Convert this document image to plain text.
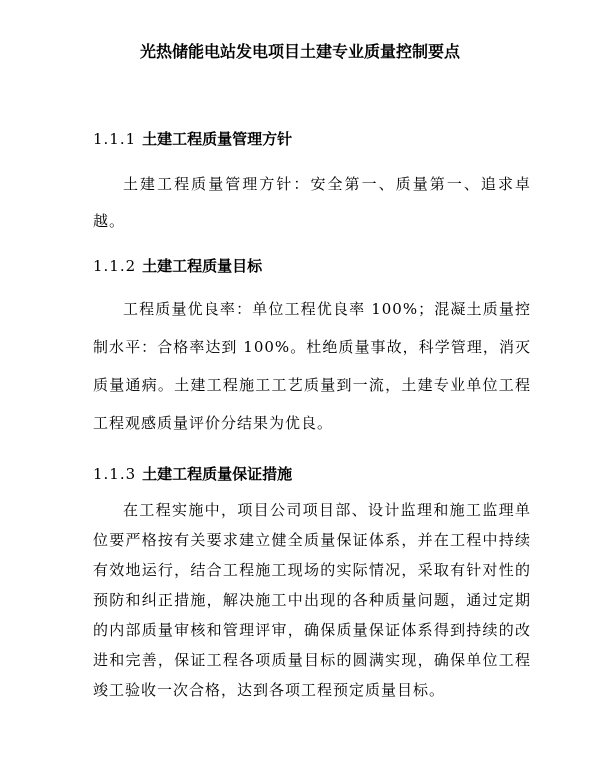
光热储能电站发电项目土建专业质量控制要点
1.1.1 土建工程质量管理方针

土建工程质量管理方针：安全第一、质量第一、追求卓越。

1.1.2 土建工程质量目标

工程质量优良率：单位工程优良率 100%；混凝土质量控制水平：合格率达到 100%。杜绝质量事故，科学管理，消灭质量通病。土建工程施工工艺质量到一流，土建专业单位工程工程观感质量评价分结果为优良。

1.1.3 土建工程质量保证措施

在工程实施中，项目公司项目部、设计监理和施工监理单位要严格按有关要求建立健全质量保证体系，并在工程中持续有效地运行，结合工程施工现场的实际情况，采取有针对性的预防和纠正措施，解决施工中出现的各种质量问题，通过定期的内部质量审核和管理评审，确保质量保证体系得到持续的改进和完善，保证工程各项质量目标的圆满实现，确保单位工程竣工验收一次合格，达到各项工程预定质量目标。
